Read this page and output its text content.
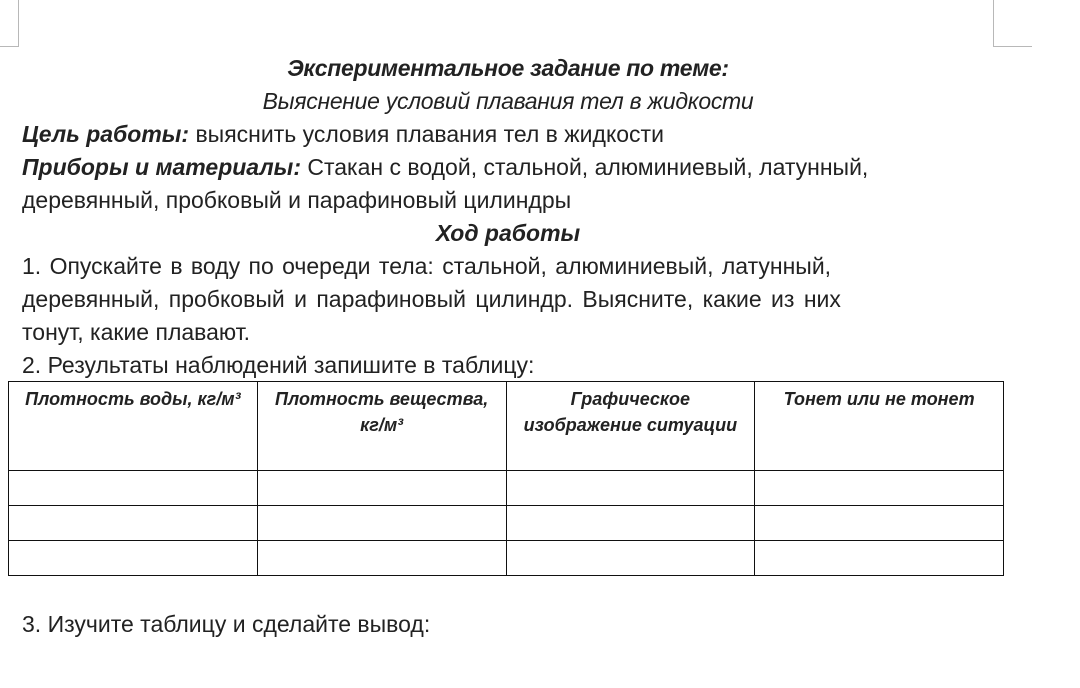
Экспериментальное задание по теме:
Выяснение условий плавания тел в жидкости
Цель работы: выяснить условия плавания тел в жидкости
Приборы и материалы: Стакан с водой, стальной, алюминиевый, латунный,
деревянный, пробковый и парафиновый цилиндры
Ход работы
1. Опускайте в воду по очереди тела: стальной, алюминиевый, латунный,
деревянный, пробковый и парафиновый цилиндр. Выясните, какие из них
тонут, какие плавают.
2. Результаты наблюдений запишите в таблицу:
Плотность воды, кг/м³	Плотность вещества, кг/м³	Графическое изображение ситуации	Тонет или не тонет

3. Изучите таблицу и сделайте вывод:
